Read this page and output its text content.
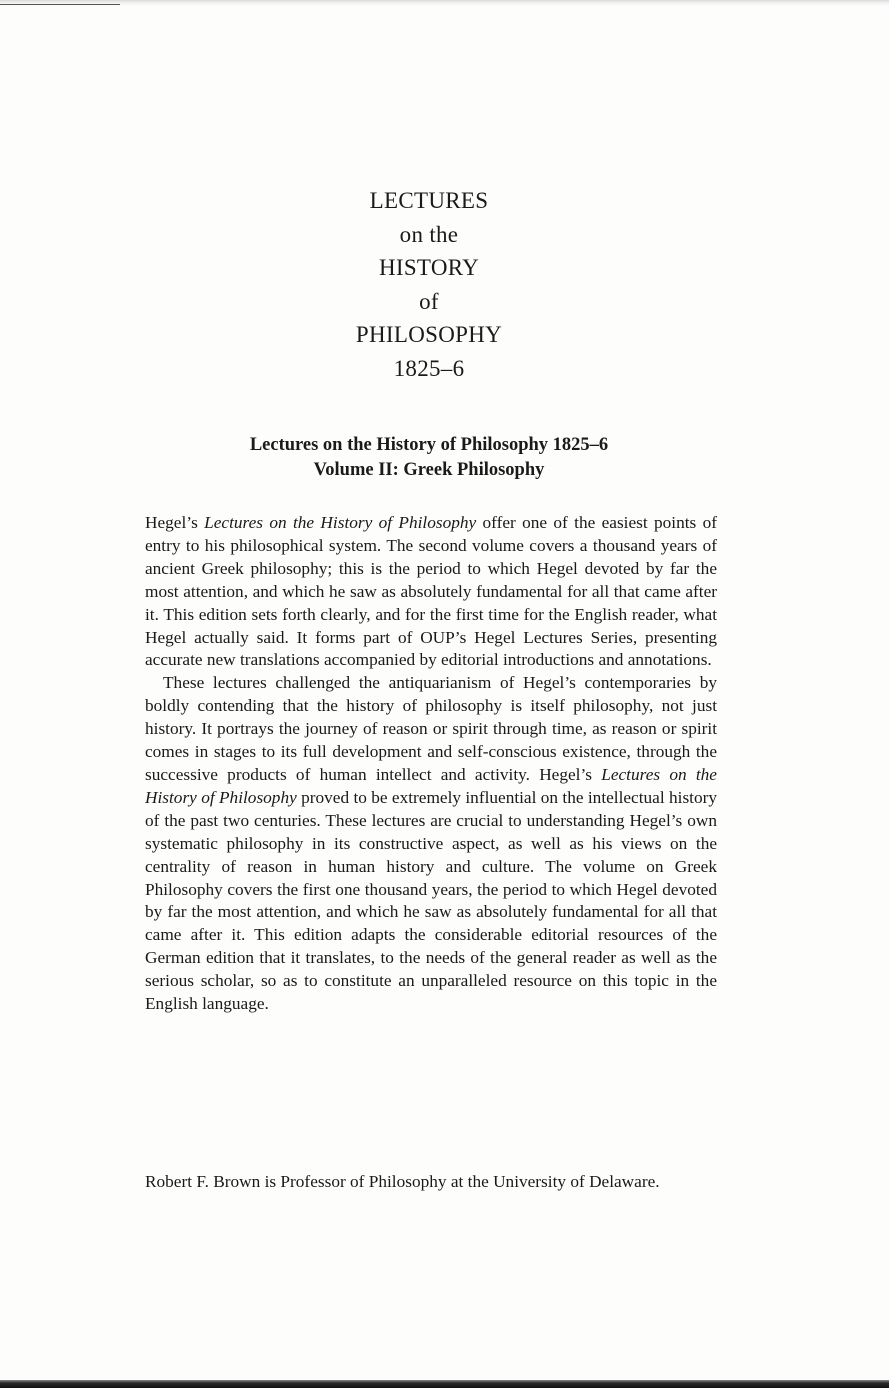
LECTURES
on the
HISTORY
of
PHILOSOPHY
1825–6
Lectures on the History of Philosophy 1825–6
Volume II: Greek Philosophy

Hegel’s Lectures on the History of Philosophy offer one of the easiest points of entry to his philosophical system. The second volume covers a thousand years of ancient Greek philosophy; this is the period to which Hegel devoted by far the most attention, and which he saw as absolutely fundamental for all that came after it. This edition sets forth clearly, and for the first time for the English reader, what Hegel actually said. It forms part of OUP’s Hegel Lectures Series, presenting accurate new translations accompanied by editorial introductions and annotations.

These lectures challenged the antiquarianism of Hegel’s contemporaries by boldly contending that the history of philosophy is itself philosophy, not just history. It portrays the journey of reason or spirit through time, as reason or spirit comes in stages to its full development and self-conscious existence, through the successive products of human intellect and activity. Hegel’s Lectures on the History of Philosophy proved to be extremely influential on the intellectual history of the past two centuries. These lectures are crucial to understanding Hegel’s own systematic philosophy in its constructive aspect, as well as his views on the centrality of reason in human history and culture. The volume on Greek Philosophy covers the first one thousand years, the period to which Hegel devoted by far the most attention, and which he saw as absolutely fundamental for all that came after it. This edition adapts the considerable editorial resources of the German edition that it translates, to the needs of the general reader as well as the serious scholar, so as to constitute an unparalleled resource on this topic in the English language.

Robert F. Brown is Professor of Philosophy at the University of Delaware.
